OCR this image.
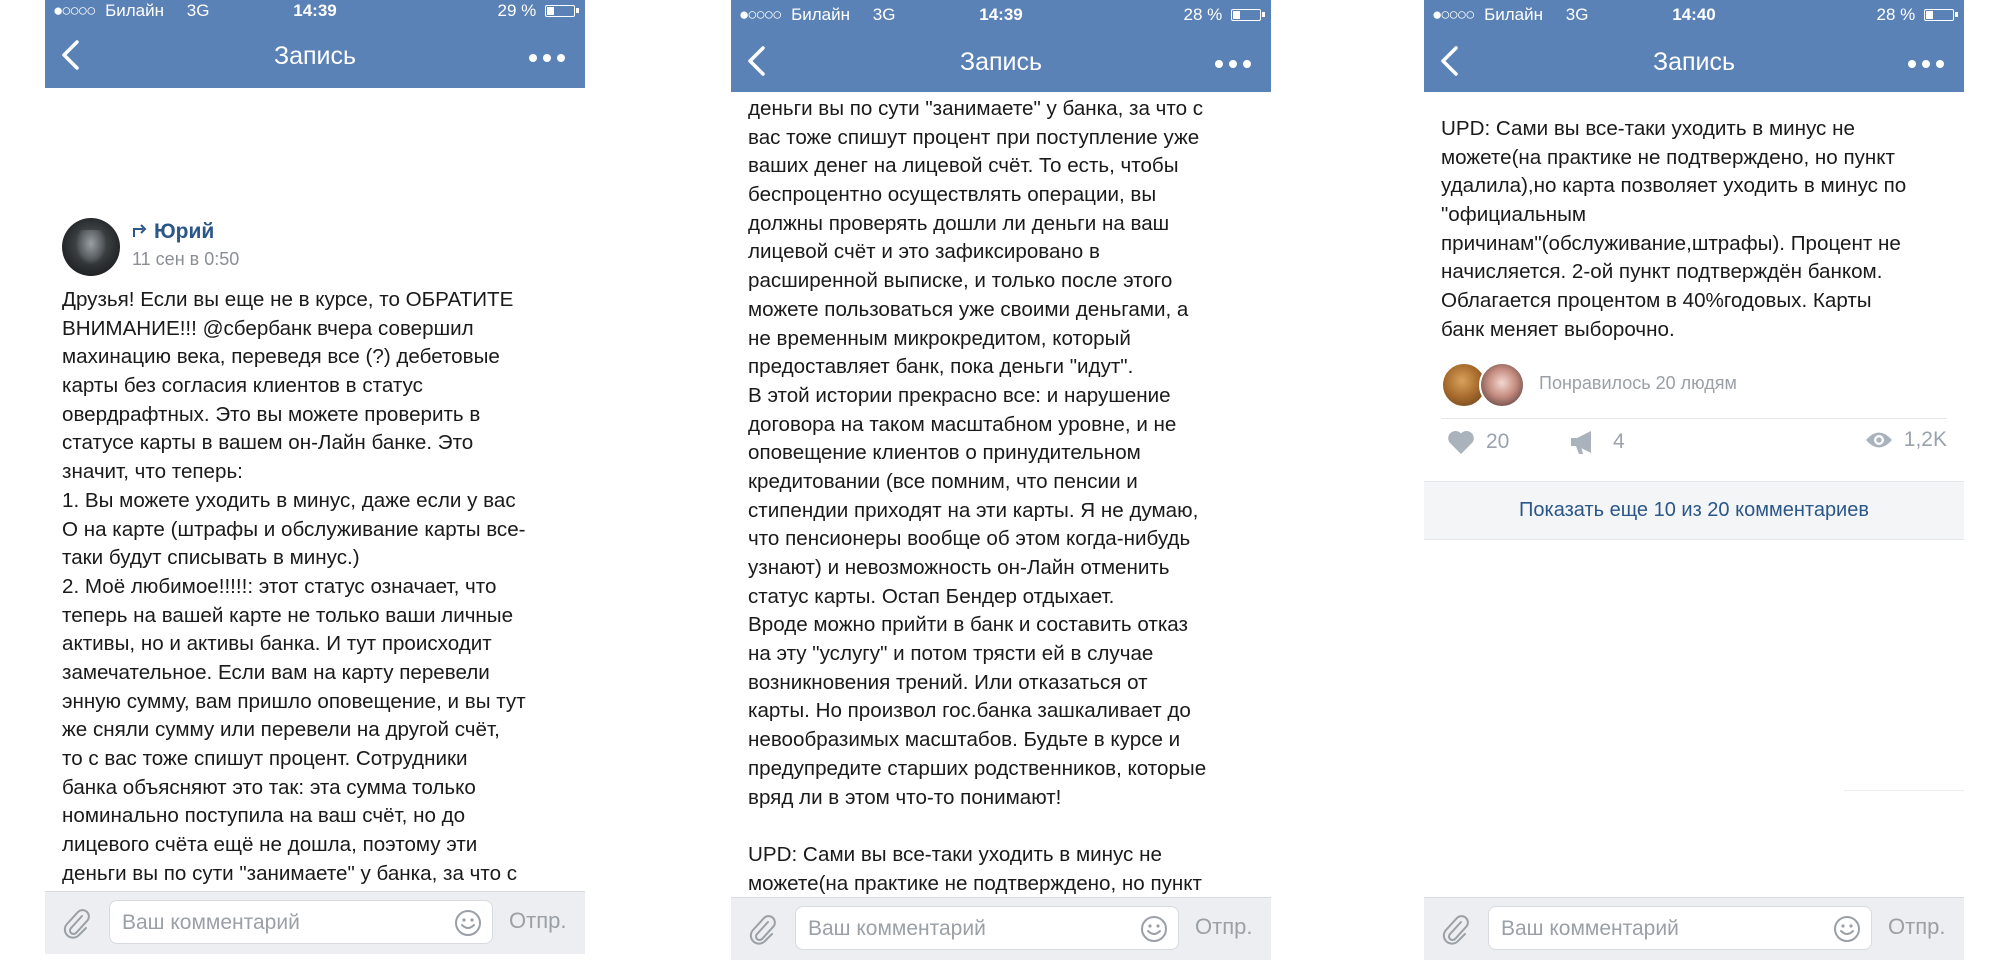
●○○○○ Билайн 3G	14:39	29 %
Запись
Юрий
11 сен в 0:50
Друзья! Если вы еще не в курсе, то ОБРАТИТЕ
ВНИМАНИЕ!!! @сбербанк вчера совершил
махинацию века, переведя все (?) дебетовые
карты без согласия клиентов в статус
овердрафтных. Это вы можете проверить в
статусе карты в вашем он-Лайн банке. Это
значит, что теперь:
1. Вы можете уходить в минус, даже если у вас
О на карте (штрафы и обслуживание карты все-
таки будут списывать в минус.)
2. Моё любимое!!!!!: этот статус означает, что
теперь на вашей карте не только ваши личные
активы, но и активы банка. И тут происходит
замечательное. Если вам на карту перевели
энную сумму, вам пришло оповещение, и вы тут
же сняли сумму или перевели на другой счёт,
то с вас тоже спишут процент. Сотрудники
банка объясняют это так: эта сумма только
номинально поступила на ваш счёт, но до
лицевого счёта ещё не дошла, поэтому эти
деньги вы по сути "занимаете" у банка, за что с
Ваш комментарий
Отпр.
●○○○○ Билайн 3G	14:39	28 %
Запись
деньги вы по сути "занимаете" у банка, за что с
вас тоже спишут процент при поступление уже
ваших денег на лицевой счёт. То есть, чтобы
беспроцентно осуществлять операции, вы
должны проверять дошли ли деньги на ваш
лицевой счёт и это зафиксировано в
расширенной выписке, и только после этого
можете пользоваться уже своими деньгами, а
не временным микрокредитом, который
предоставляет банк, пока деньги "идут".
В этой истории прекрасно все: и нарушение
договора на таком масштабном уровне, и не
оповещение клиентов о принудительном
кредитовании (все помним, что пенсии и
стипендии приходят на эти карты. Я не думаю,
что пенсионеры вообще об этом когда-нибудь
узнают) и невозможность он-Лайн отменить
статус карты. Остап Бендер отдыхает.
Вроде можно прийти в банк и составить отказ
на эту "услугу" и потом трясти ей в случае
возникновения трений. Или отказаться от
карты. Но произвол гос.банка зашкаливает до
невообразимых масштабов. Будьте в курсе и
предупредите старших родственников, которые
вряд ли в этом что-то понимают!
UPD: Сами вы все-таки уходить в минус не
можете(на практике не подтверждено, но пункт
Ваш комментарий
Отпр.
●○○○○ Билайн 3G	14:40	28 %
Запись
UPD: Сами вы все-таки уходить в минус не
можете(на практике не подтверждено, но пункт
удалила),но карта позволяет уходить в минус по
"официальным
причинам"(обслуживание,штрафы). Процент не
начисляется. 2-ой пункт подтверждён банком.
Облагается процентом в 40%годовых. Карты
банк меняет выборочно.
Понравилось 20 людям
20	4	1,2K
Показать еще 10 из 20 комментариев
Ваш комментарий
Отпр.
